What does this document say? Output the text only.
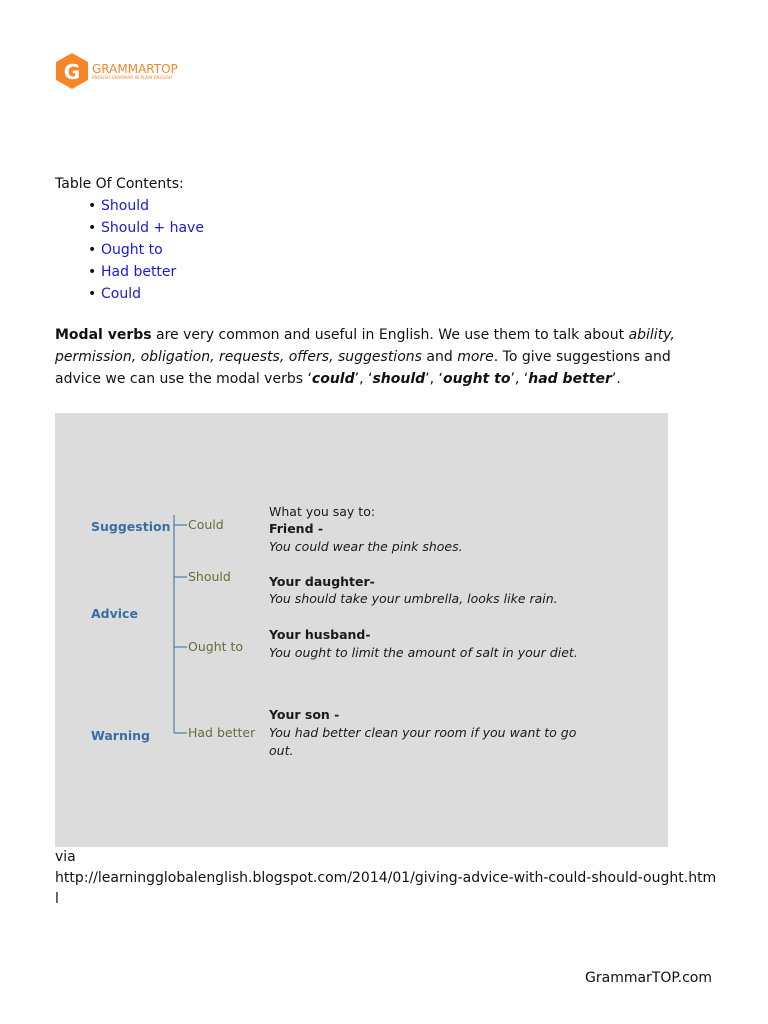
G GRAMMARTOP
ENGLISH GRAMMAR IN PLAIN ENGLISH
Table Of Contents:
• Should
• Should + have
• Ought to
• Had better
• Could

Modal verbs are very common and useful in English. We use them to talk about ability, permission, obligation, requests, offers, suggestions and more. To give suggestions and advice we can use the modal verbs ‘could’, ‘should’, ‘ought to’, ‘had better’.

Suggestion
Advice
Warning
Could
Should
Ought to
Had better
What you say to:
Friend -
You could wear the pink shoes.
Your daughter-
You should take your umbrella, looks like rain.
Your husband-
You ought to limit the amount of salt in your diet.
Your son -
You had better clean your room if you want to go
out.
via
http://learningglobalenglish.blogspot.com/2014/01/giving-advice-with-could-should-ought.html
GrammarTOP.com
